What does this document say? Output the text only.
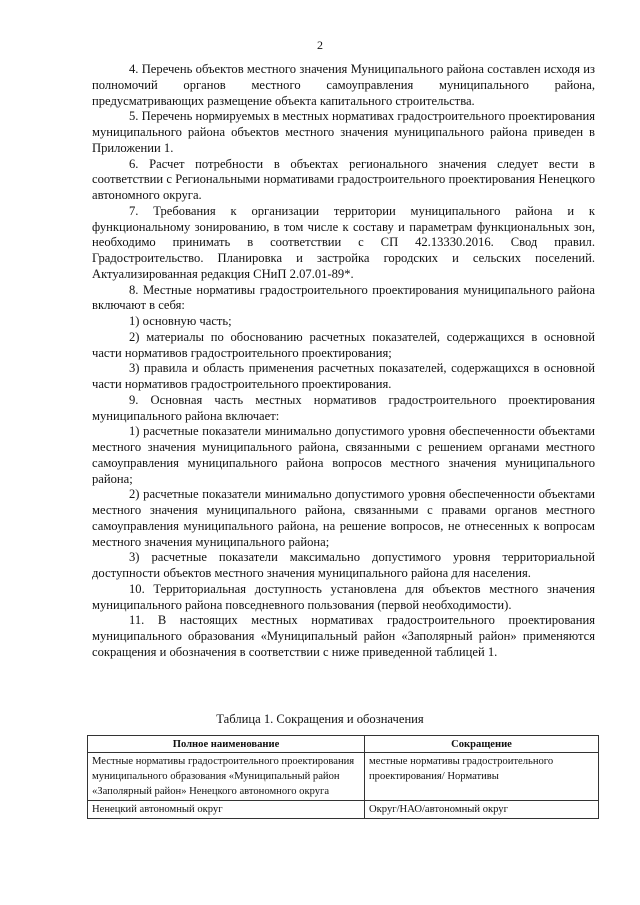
2

4. Перечень объектов местного значения Муниципального района составлен исходя из полномочий органов местного самоуправления муниципального района, предусматривающих размещение объекта капитального строительства.

5. Перечень нормируемых в местных нормативах градостроительного проектирования муниципального района объектов местного значения муниципального района приведен в Приложении 1.

6. Расчет потребности в объектах регионального значения следует вести в соответствии с Региональными нормативами градостроительного проектирования Ненецкого автономного округа.

7. Требования к организации территории муниципального района и к функциональному зонированию, в том числе к составу и параметрам функциональных зон, необходимо принимать в соответствии с СП 42.13330.2016. Свод правил. Градостроительство. Планировка и застройка городских и сельских поселений. Актуализированная редакция СНиП 2.07.01-89*.

8. Местные нормативы градостроительного проектирования муниципального района включают в себя:

1) основную часть;

2) материалы по обоснованию расчетных показателей, содержащихся в основной части нормативов градостроительного проектирования;

3) правила и область применения расчетных показателей, содержащихся в основной части нормативов градостроительного проектирования.

9. Основная часть местных нормативов градостроительного проектирования муниципального района включает:

1) расчетные показатели минимально допустимого уровня обеспеченности объектами местного значения муниципального района, связанными с решением органами местного самоуправления муниципального района вопросов местного значения муниципального района;

2) расчетные показатели минимально допустимого уровня обеспеченности объектами местного значения муниципального района, связанными с правами органов местного самоуправления муниципального района, на решение вопросов, не отнесенных к вопросам местного значения муниципального района;

3) расчетные показатели максимально допустимого уровня территориальной доступности объектов местного значения муниципального района для населения.

10. Территориальная доступность установлена для объектов местного значения муниципального района повседневного пользования (первой необходимости).

11. В настоящих местных нормативах градостроительного проектирования муниципального образования «Муниципальный район «Заполярный район» применяются сокращения и обозначения в соответствии с ниже приведенной таблицей 1.

Таблица 1. Сокращения и обозначения
Полное наименование	Сокращение
Местные нормативы градостроительного проектирования муниципального образования «Муниципальный район «Заполярный район» Ненецкого автономного округа	местные нормативы градостроительного проектирования/ Нормативы
Ненецкий автономный округ	Округ/НАО/автономный округ
